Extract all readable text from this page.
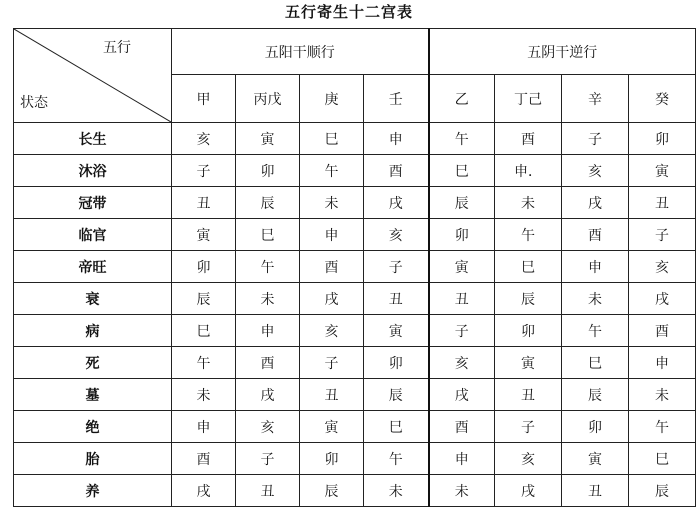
五行寄生十二宫表
五行
状态	五阳干顺行				五阴干逆行			
	甲	丙戊	庚	壬	乙	丁己	辛	癸
长生	亥	寅	巳	申	午	酉	子	卯
沐浴	子	卯	午	酉	巳	申．	亥	寅
冠带	丑	辰	未	戌	辰	未	戌	丑
临官	寅	巳	申	亥	卯	午	酉	子
帝旺	卯	午	酉	子	寅	巳	申	亥
衰	辰	未	戌	丑	丑	辰	未	戌
病	巳	申	亥	寅	子	卯	午	酉
死	午	酉	子	卯	亥	寅	巳	申
墓	未	戌	丑	辰	戌	丑	辰	未
绝	申	亥	寅	巳	酉	子	卯	午
胎	酉	子	卯	午	申	亥	寅	巳
养	戌	丑	辰	未	未	戌	丑	辰
